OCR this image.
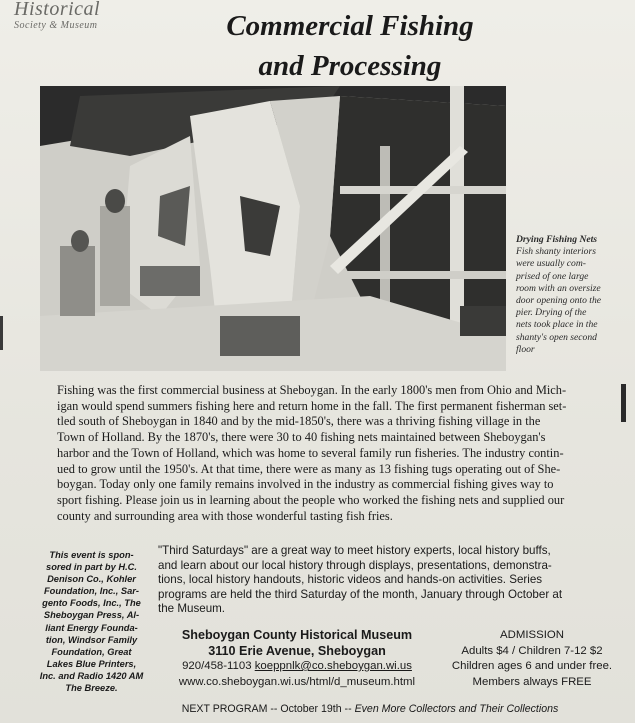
Historical
Society & Museum	Commercial Fishing
and Processing
Drying Fishing Nets
Fish shanty interiors
were usually com-
prised of one large
room with an oversize
door opening onto the
pier. Drying of the
nets took place in the
shanty's open second
floor
Fishing was the first commercial business at Sheboygan. In the early 1800's men from Ohio and Mich-
igan would spend summers fishing here and return home in the fall. The first permanent fisherman set-
tled south of Sheboygan in 1840 and by the mid-1850's, there was a thriving fishing village in the
Town of Holland. By the 1870's, there were 30 to 40 fishing nets maintained between Sheboygan's
harbor and the Town of Holland, which was home to several family run fisheries. The industry contin-
ued to grow until the 1950's. At that time, there were as many as 13 fishing tugs operating out of She-
boygan. Today only one family remains involved in the industry as commercial fishing gives way to
sport fishing. Please join us in learning about the people who worked the fishing nets and supplied our
county and surrounding area with those wonderful tasting fish fries.
This event is spon-
sored in part by H.C.
Denison Co., Kohler
Foundation, Inc., Sar-
gento Foods, Inc., The
Sheboygan Press, Al-
liant Energy Founda-
tion, Windsor Family
Foundation, Great
Lakes Blue Printers,
Inc. and Radio 1420 AM
The Breeze.
"Third Saturdays" are a great way to meet history experts, local history buffs,
and learn about our local history through displays, presentations, demonstra-
tions, local history handouts, historic videos and hands-on activities. Series
programs are held the third Saturday of the month, January through October at
the Museum.
Sheboygan County Historical Museum
3110 Erie Avenue, Sheboygan
920/458-1103 koeppnlk@co.sheboygan.wi.us
www.co.sheboygan.wi.us/html/d_museum.html
ADMISSION
Adults $4 / Children 7-12 $2
Children ages 6 and under free.
Members always FREE
NEXT PROGRAM -- October 19th -- Even More Collectors and Their Collections
